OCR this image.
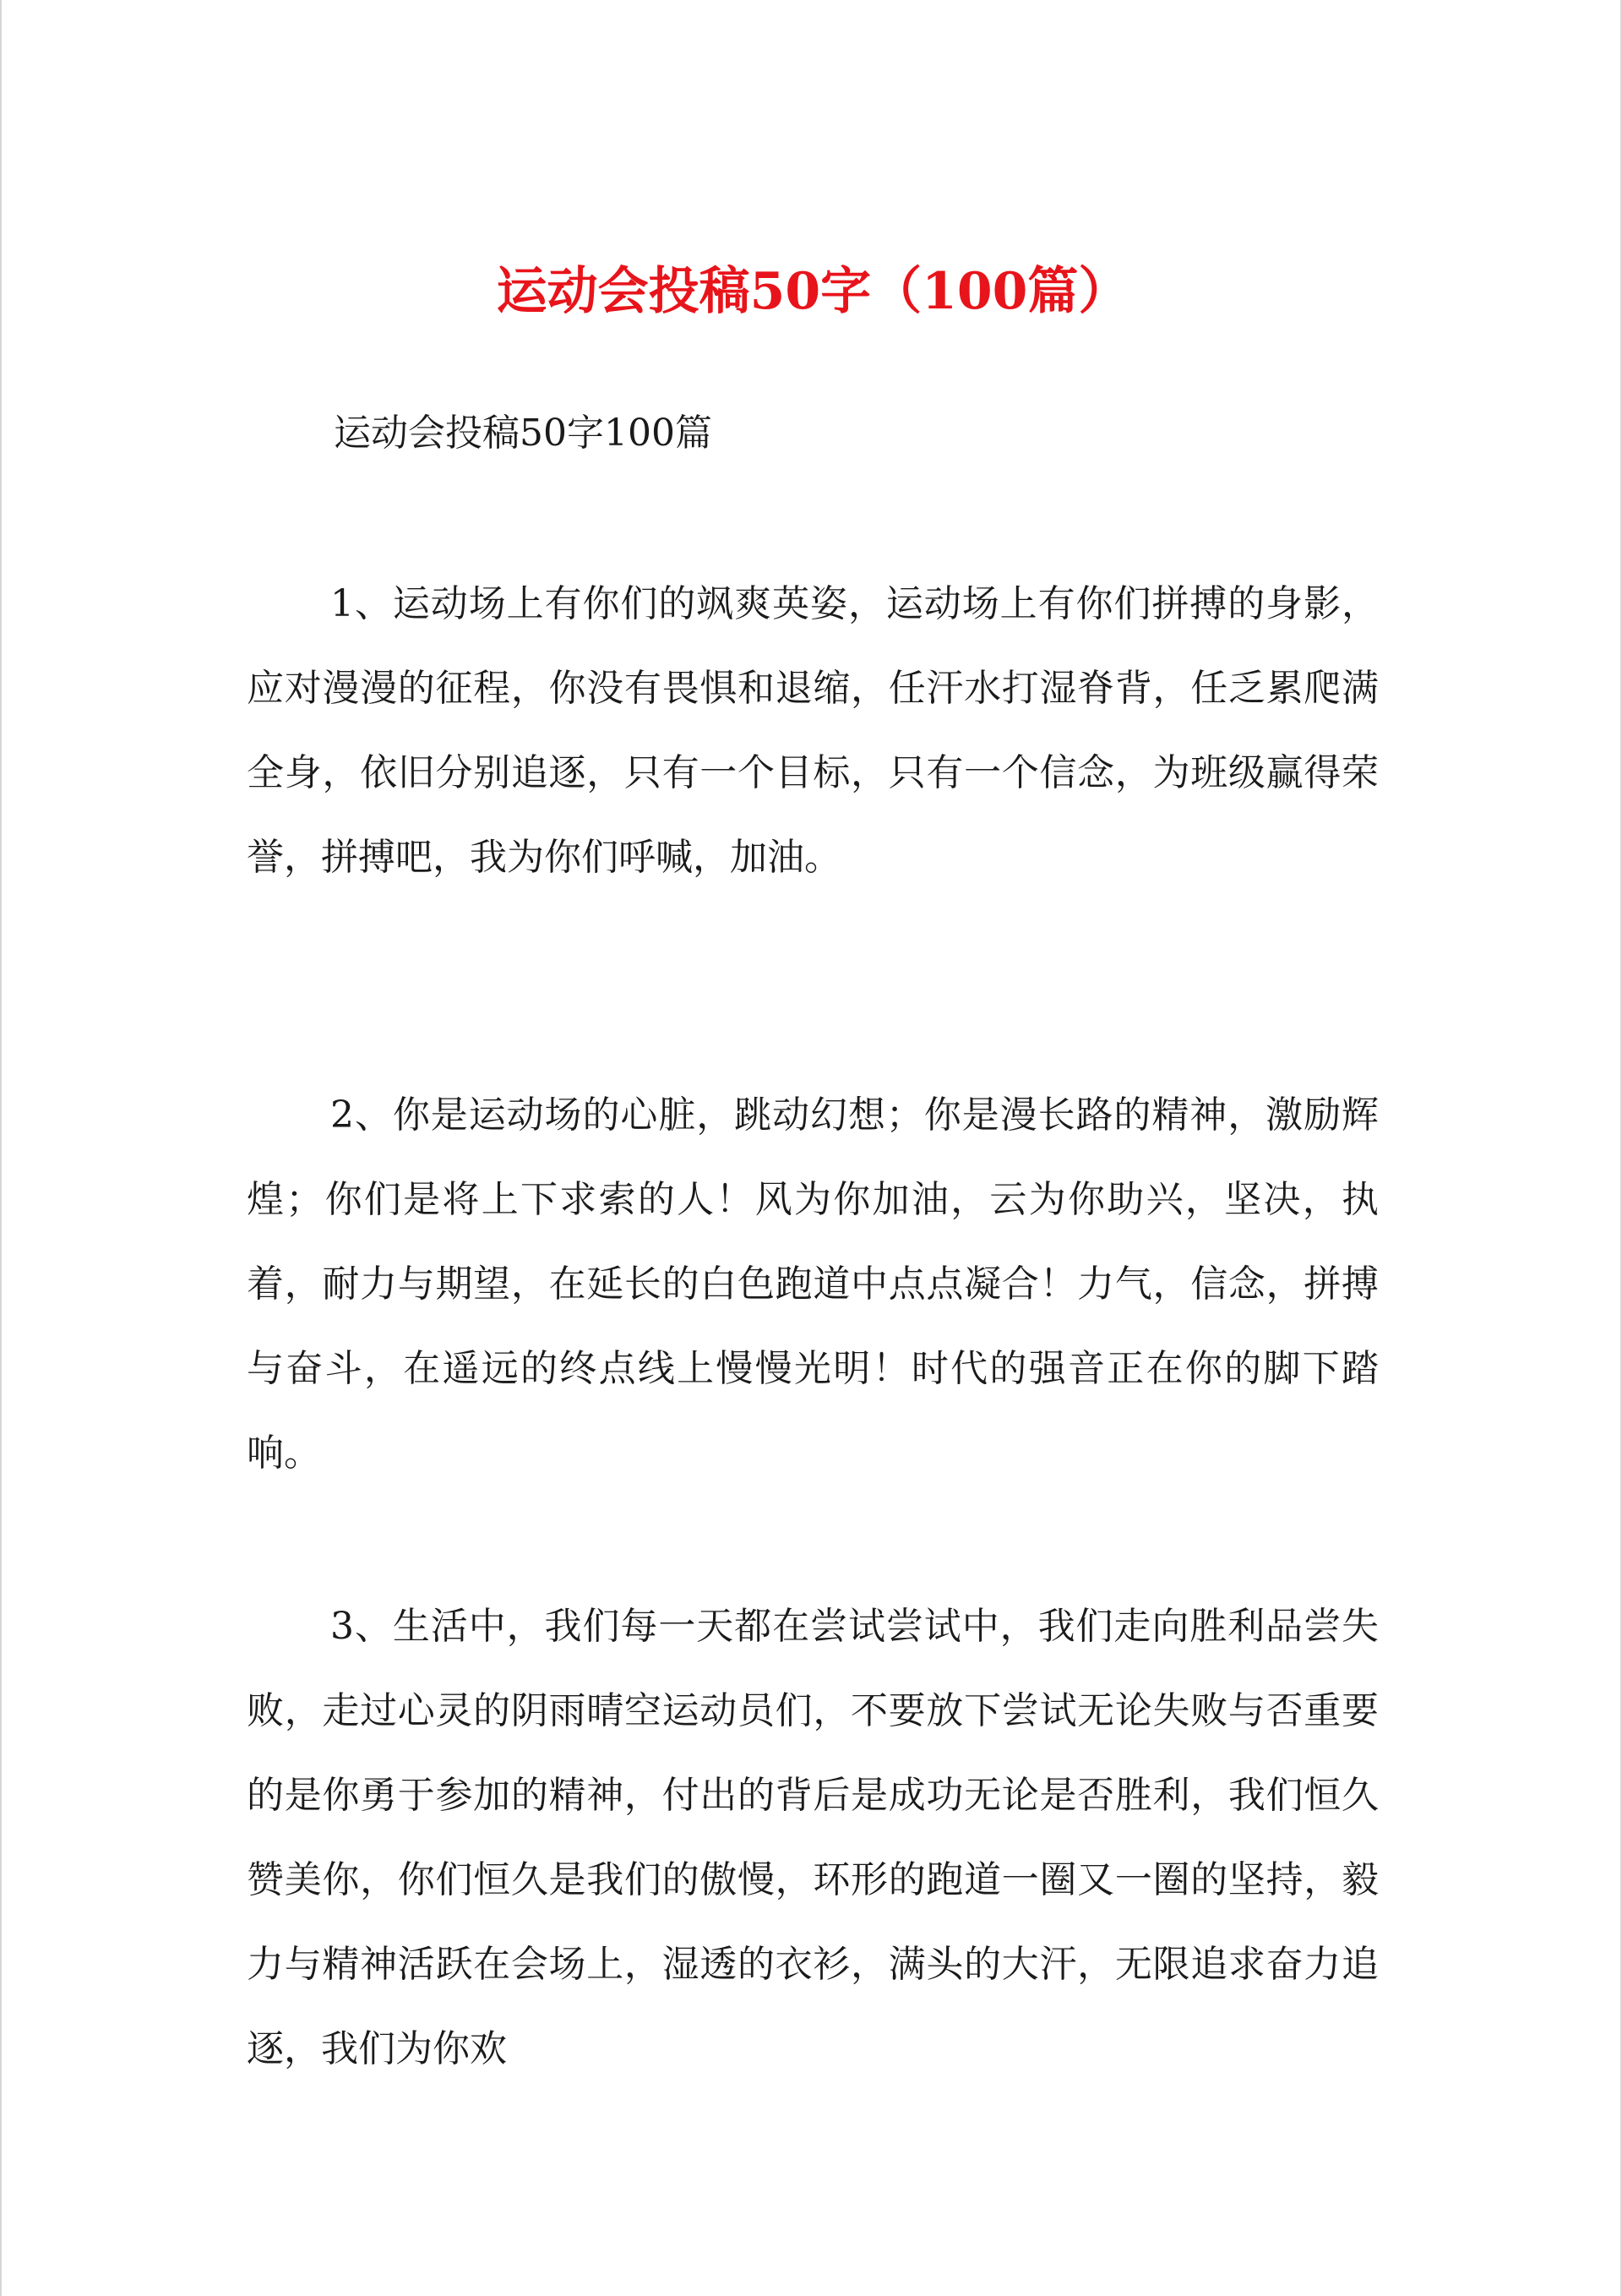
运动会投稿50字（100篇）

运动会投稿50字100篇

1、运动场上有你们的飒爽英姿，运动场上有你们拼搏的身影，应对漫漫的征程，你没有畏惧和退缩，任汗水打湿脊背，任乏累爬满全身，依旧分别追逐，只有一个目标，只有一个信念，为班级赢得荣誉，拼搏吧，我为你们呼喊，加油。

2、你是运动场的心脏，跳动幻想；你是漫长路的精神，激励辉煌；你们是将上下求索的人！风为你加油，云为你助兴，坚决，执着，耐力与期望，在延长的白色跑道中点点凝合！力气，信念，拼搏与奋斗，在遥远的终点线上慢慢光明！时代的强音正在你的脚下踏响。

3、生活中，我们每一天都在尝试尝试中，我们走向胜利品尝失败，走过心灵的阴雨晴空运动员们，不要放下尝试无论失败与否重要的是你勇于参加的精神，付出的背后是成功无论是否胜利，我们恒久赞美你，你们恒久是我们的傲慢，环形的跑道一圈又一圈的坚持，毅力与精神活跃在会场上，湿透的衣衫，满头的大汗，无限追求奋力追逐，我们为你欢
